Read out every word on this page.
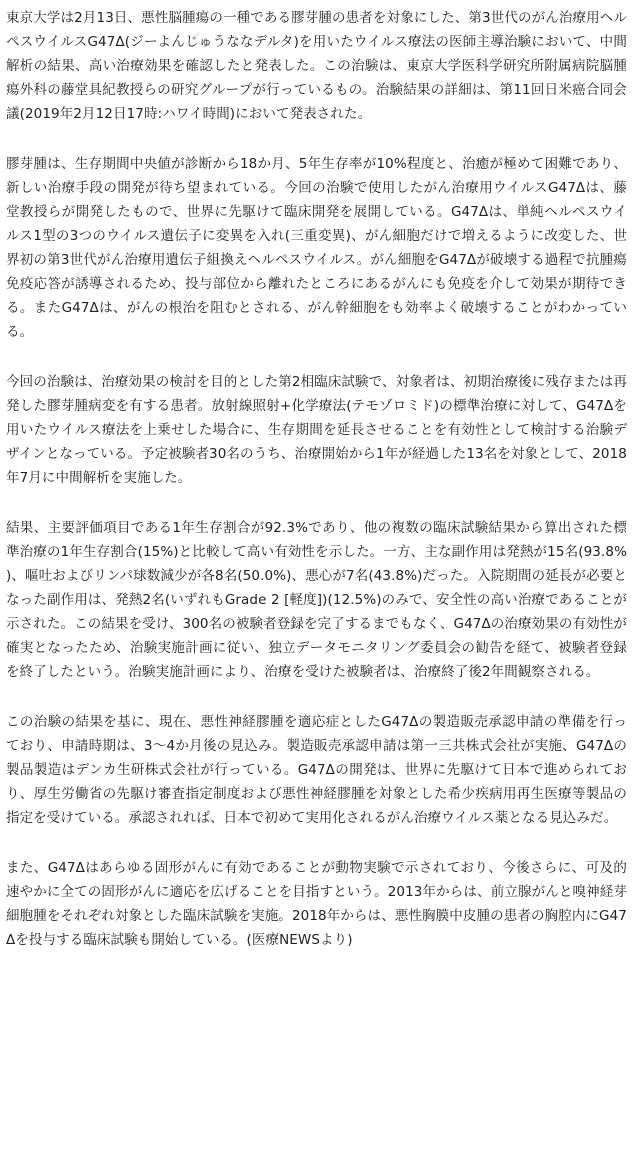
東京大学は2月13日、悪性脳腫瘍の一種である膠芽腫の患者を対象にした、第3世代のがん治療用ヘルペスウイルスG47Δ(ジーよんじゅうななデルタ)を用いたウイルス療法の医師主導治験において、中間解析の結果、高い治療効果を確認したと発表した。この治験は、東京大学医科学研究所附属病院脳腫瘍外科の藤堂具紀教授らの研究グループが行っているもの。治験結果の詳細は、第11回日米癌合同会議(2019年2月12日17時:ハワイ時間)において発表された。

膠芽腫は、生存期間中央値が診断から18か月、5年生存率が10%程度と、治癒が極めて困難であり、新しい治療手段の開発が待ち望まれている。今回の治験で使用したがん治療用ウイルスG47Δは、藤堂教授らが開発したもので、世界に先駆けて臨床開発を展開している。G47Δは、単純ヘルペスウイルス1型の3つのウイルス遺伝子に変異を入れ(三重変異)、がん細胞だけで増えるように改変した、世界初の第3世代がん治療用遺伝子組換えヘルペスウイルス。がん細胞をG47Δが破壊する過程で抗腫瘍免疫応答が誘導されるため、投与部位から離れたところにあるがんにも免疫を介して効果が期待できる。またG47Δは、がんの根治を阻むとされる、がん幹細胞をも効率よく破壊することがわかっている。

今回の治験は、治療効果の検討を目的とした第2相臨床試験で、対象者は、初期治療後に残存または再発した膠芽腫病変を有する患者。放射線照射+化学療法(テモゾロミド)の標準治療に対して、G47Δを用いたウイルス療法を上乗せした場合に、生存期間を延長させることを有効性として検討する治験デザインとなっている。予定被験者30名のうち、治療開始から1年が経過した13名を対象として、2018年7月に中間解析を実施した。

結果、主要評価項目である1年生存割合が92.3%であり、他の複数の臨床試験結果から算出された標準治療の1年生存割合(15%)と比較して高い有効性を示した。一方、主な副作用は発熱が15名(93.8%)、嘔吐およびリンパ球数減少が各8名(50.0%)、悪心が7名(43.8%)だった。入院期間の延長が必要となった副作用は、発熱2名(いずれもGrade 2 [軽度])(12.5%)のみで、安全性の高い治療であることが示された。この結果を受け、300名の被験者登録を完了するまでもなく、G47Δの治療効果の有効性が確実となったため、治験実施計画に従い、独立データモニタリング委員会の勧告を経て、被験者登録を終了したという。治験実施計画により、治療を受けた被験者は、治療終了後2年間観察される。

この治験の結果を基に、現在、悪性神経膠腫を適応症としたG47Δの製造販売承認申請の準備を行っており、申請時期は、3～4か月後の見込み。製造販売承認申請は第一三共株式会社が実施、G47Δの製品製造はデンカ生研株式会社が行っている。G47Δの開発は、世界に先駆けて日本で進められており、厚生労働省の先駆け審査指定制度および悪性神経膠腫を対象とした希少疾病用再生医療等製品の指定を受けている。承認されれば、日本で初めて実用化されるがん治療ウイルス薬となる見込みだ。

また、G47Δはあらゆる固形がんに有効であることが動物実験で示されており、今後さらに、可及的速やかに全ての固形がんに適応を広げることを目指すという。2013年からは、前立腺がんと嗅神経芽細胞腫をそれぞれ対象とした臨床試験を実施。2018年からは、悪性胸膜中皮腫の患者の胸腔内にG47Δを投与する臨床試験も開始している。(医療NEWSより)
